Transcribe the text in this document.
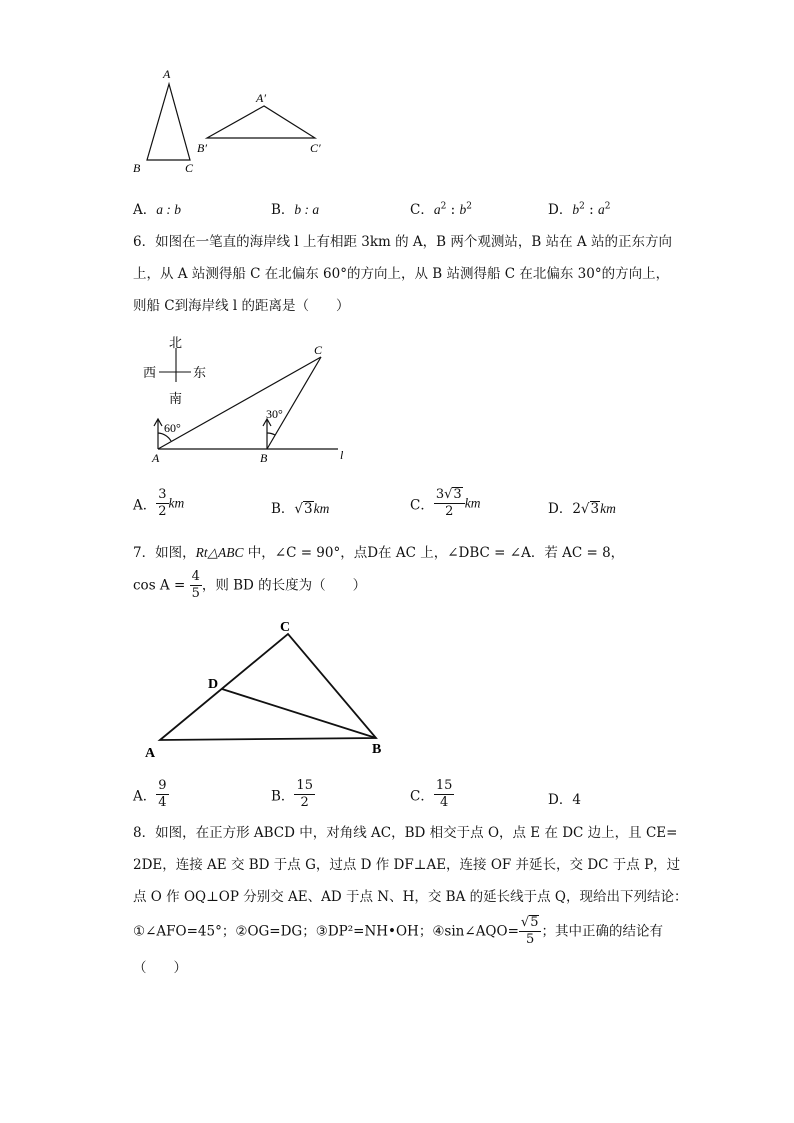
A
B	C
A′
B′	C′
A．a : b	B．b : a	C．$a^2$ : $b^2$	D．$b^2$ : $a^2$
6．如图在一笔直的海岸线 l 上有相距 3km 的 A，B 两个观测站，B 站在 A 站的正东方向
上，从 A 站测得船 C 在北偏东 60°的方向上，从 B 站测得船 C 在北偏东 30°的方向上，
则船 C到海岸线 l 的距离是（　　）
北
南
西	东
60°
30°
A	B
C
l
A． $\frac{3}{2}$ km	B．√3km	C． $\frac{3√3}{2}$ km	D．2√3km
7．如图，Rt△ABC 中，∠C = 90°，点D在 AC 上，∠DBC = ∠A．若 AC = 8，
$\cos A = \frac{4}{5}$ ，则 BD 的长度为（　　）
A	B
C
D
A． $\frac{9}{4}$	B． $\frac{15}{2}$	C． $\frac{15}{4}$	D．4
8．如图，在正方形 ABCD 中，对角线 AC，BD 相交于点 O，点 E 在 DC 边上，且 CE=
2DE，连接 AE 交 BD 于点 G，过点 D 作 DF⊥AE，连接 OF 并延长，交 DC 于点 P，过
点 O 作 OQ⊥OP 分别交 AE、AD 于点 N、H，交 BA 的延长线于点 Q，现给出下列结论：
①∠AFO=45°；②OG=DG；③DP²=NH•OH；④sin∠AQO= $\frac{√5}{5}$ ；其中正确的结论有
（　　）
